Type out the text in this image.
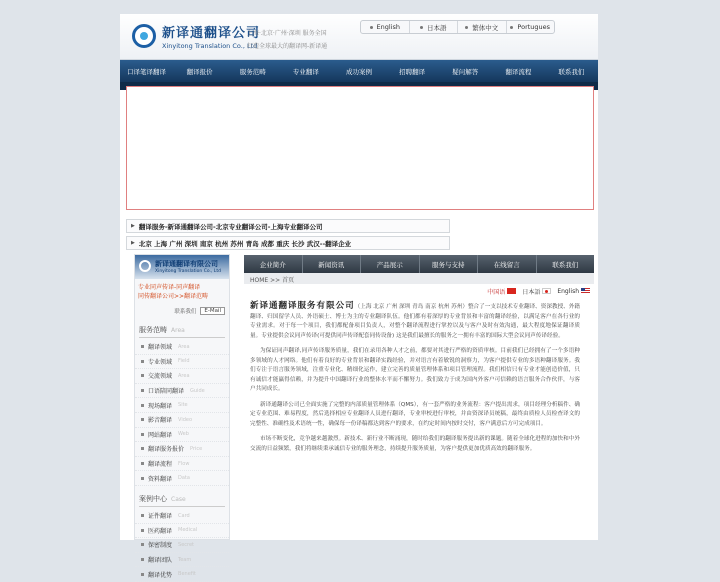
新译通翻译公司
Xinyitong Translation Co., Ltd
上海·北京·广州·深圳 服务全国
打造全球最大的翻译网-新译通
English	日本語	繁体中文	Portugues
口译笔译翻译	翻译报价	服务范畴	专业翻译	成功案例	招聘翻译	疑问解答	翻译流程	联系我们
▶ 翻译服务-新译通翻译公司-北京专业翻译公司-上海专业翻译公司
▶ 北京 上海 广州 深圳 南京 杭州 苏州 青岛 成都 重庆 长沙 武汉--翻译企业
新译通翻译有限公司
Xinyitong Translation Co., Ltd
专业同声传译-同声翻译
同传翻译公司>>翻译范畴
联系我们	E-Mail
服务范畴 Area
翻译领域 Area
专业领域 Field
交流领域 Area
口语陪同翻译 Guide
现场翻译 Site
影音翻译 Video
网站翻译 Web
翻译服务报价 Price
翻译流程 Flow
资料翻译 Data
案例中心 Case
证件翻译 Card
医药翻译 Medical
保密制度 Secret
翻译团队 Team
翻译优势 Benefit
企业简介	新闻资讯	产品展示	服务与支持	在线留言	联系我们
HOME >> 首页
中国语	日本語	English

新译通翻译服务有限公司（上海 北京 广州 深圳 青岛 南京 杭州 苏州）整合了一支以技术专业翻译、资深教授、外籍翻译、归国留学人员、外语硕士、博士为主的专业翻译队伍。他们都有着深厚的专业背景和丰富的翻译经验，以满足客户在各行业的专业需求。对于每一个项目，我们都配备项目负责人，对整个翻译流程进行掌控以及与客户及时有效沟通，最大程度地保证翻译质量。专业提供会议同声传译(可提供同声传译配套同传设备) 这是我们最擅长的服务之一拥有丰富的国际大型会议同声传译经验。

为保证同声翻译,同声传译服务质量，我们在录用各种人才之前，都要对其进行严格的资质审核。目前我们已经拥有了一个多语种多领域的人才网络。他们有着良好的专业背景和翻译实践经验，并对语言有着敏锐的洞察力，为客户提供专业的多语种翻译服务。我们专注于语言服务领域，注重专业化、精细化运作，建立完善的质量管理体系和项目管理流程。我们相信只有专业才能创造价值，只有诚信才能赢得信赖，并为提升中国翻译行业的整体水平而不懈努力。我们致力于成为国内外客户可信赖的语言服务合作伙伴，与客户共同成长。

新译通翻译公司已全面实施了完整的内部质量管理体系（QMS），有一套严格的业务流程：客户提出需求，项目经理分析稿件、确定专业范围、难易程度，然后选择相应专业翻译人员进行翻译，专业审校进行审校，并由资深译员统稿，最终由质检人员检查译文的完整性、准确性及术语统一性，确保每一份译稿都达到客户的要求，在约定时间内按时交付，客户满意后方可完成项目。

市场不断变化，竞争越来越激烈。新技术、新行业不断涌现，随时给我们的翻译服务提出新的课题。随着全球化进程的加快和中外交流的日益频繁，我们将继续秉承诚信专业的服务理念，持续提升服务质量，为客户提供更加优质高效的翻译服务。
